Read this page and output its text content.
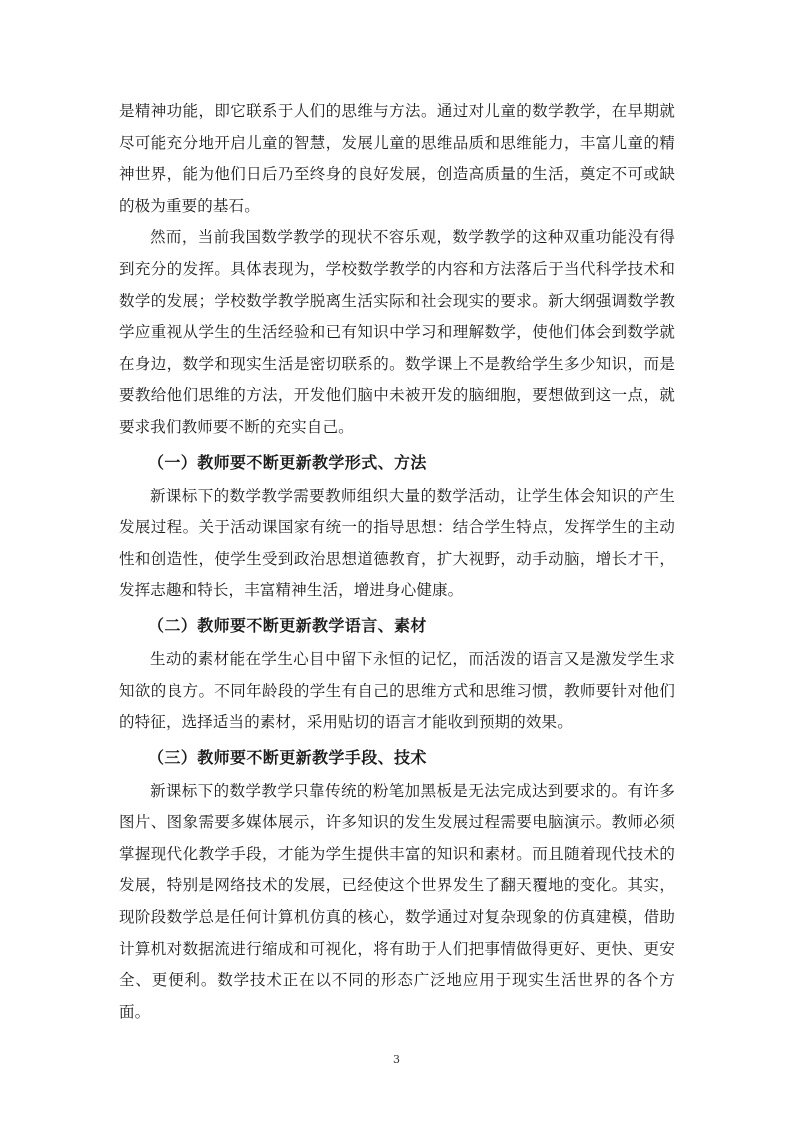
是精神功能，即它联系于人们的思维与方法。通过对儿童的数学教学，在早期就尽可能充分地开启儿童的智慧，发展儿童的思维品质和思维能力，丰富儿童的精神世界，能为他们日后乃至终身的良好发展，创造高质量的生活，奠定不可或缺的极为重要的基石。

然而，当前我国数学教学的现状不容乐观，数学教学的这种双重功能没有得到充分的发挥。具体表现为，学校数学教学的内容和方法落后于当代科学技术和数学的发展；学校数学教学脱离生活实际和社会现实的要求。新大纲强调数学教学应重视从学生的生活经验和已有知识中学习和理解数学，使他们体会到数学就在身边，数学和现实生活是密切联系的。数学课上不是教给学生多少知识，而是要教给他们思维的方法，开发他们脑中未被开发的脑细胞，要想做到这一点，就要求我们教师要不断的充实自己。

（一）教师要不断更新教学形式、方法

新课标下的数学教学需要教师组织大量的数学活动，让学生体会知识的产生发展过程。关于活动课国家有统一的指导思想：结合学生特点，发挥学生的主动性和创造性，使学生受到政治思想道德教育，扩大视野，动手动脑，增长才干，发挥志趣和特长，丰富精神生活，增进身心健康。

（二）教师要不断更新教学语言、素材

生动的素材能在学生心目中留下永恒的记忆，而活泼的语言又是激发学生求知欲的良方。不同年龄段的学生有自己的思维方式和思维习惯，教师要针对他们的特征，选择适当的素材，采用贴切的语言才能收到预期的效果。

（三）教师要不断更新教学手段、技术

新课标下的数学教学只靠传统的粉笔加黑板是无法完成达到要求的。有许多图片、图象需要多媒体展示，许多知识的发生发展过程需要电脑演示。教师必须掌握现代化教学手段，才能为学生提供丰富的知识和素材。而且随着现代技术的发展，特别是网络技术的发展，已经使这个世界发生了翻天覆地的变化。其实，现阶段数学总是任何计算机仿真的核心，数学通过对复杂现象的仿真建模，借助计算机对数据流进行缩成和可视化，将有助于人们把事情做得更好、更快、更安全、更便利。数学技术正在以不同的形态广泛地应用于现实生活世界的各个方面。

3
